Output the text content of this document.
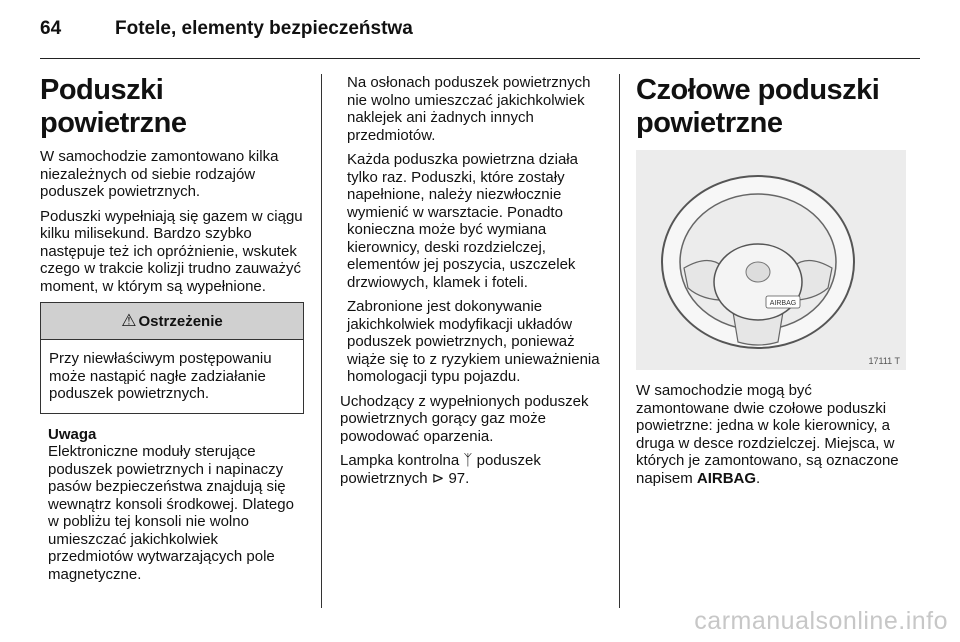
64	Fotele, elementy bezpieczeństwa
Poduszki powietrzne

W samochodzie zamontowano kilka niezależnych od siebie rodzajów poduszek powietrznych.

Poduszki wypełniają się gazem w ciągu kilku milisekund. Bardzo szybko następuje też ich opróżnienie, wskutek czego w trakcie kolizji trudno zauważyć moment, w którym są wypełnione.

⚠ Ostrzeżenie
Przy niewłaściwym postępowaniu może nastąpić nagłe zadziałanie poduszek powietrznych.
Uwaga

Elektroniczne moduły sterujące poduszek powietrznych i napinaczy pasów bezpieczeństwa znajdują się wewnątrz konsoli środkowej. Dlatego w pobliżu tej konsoli nie wolno umieszczać jakichkolwiek przedmiotów wytwarzających pole magnetyczne.

Na osłonach poduszek powietrznych nie wolno umieszczać jakichkolwiek naklejek ani żadnych innych przedmiotów.

Każda poduszka powietrzna działa tylko raz. Poduszki, które zostały napełnione, należy niezwłocznie wymienić w warsztacie. Ponadto konieczna może być wymiana kierownicy, deski rozdzielczej, elementów jej poszycia, uszczelek drzwiowych, klamek i foteli.

Zabronione jest dokonywanie jakichkolwiek modyfikacji układów poduszek powietrznych, ponieważ wiąże się to z ryzykiem unieważnienia homologacji typu pojazdu.

Uchodzący z wypełnionych poduszek powietrznych gorący gaz może powodować oparzenia.

Lampka kontrolna ᛉ poduszek powietrznych ⊳ 97.

Czołowe poduszki powietrzne
AIRBAG
17111 T

W samochodzie mogą być zamontowane dwie czołowe poduszki powietrzne: jedna w kole kierownicy, a druga w desce rozdzielczej. Miejsca, w których je zamontowano, są oznaczone napisem AIRBAG.

carmanualsonline.info
